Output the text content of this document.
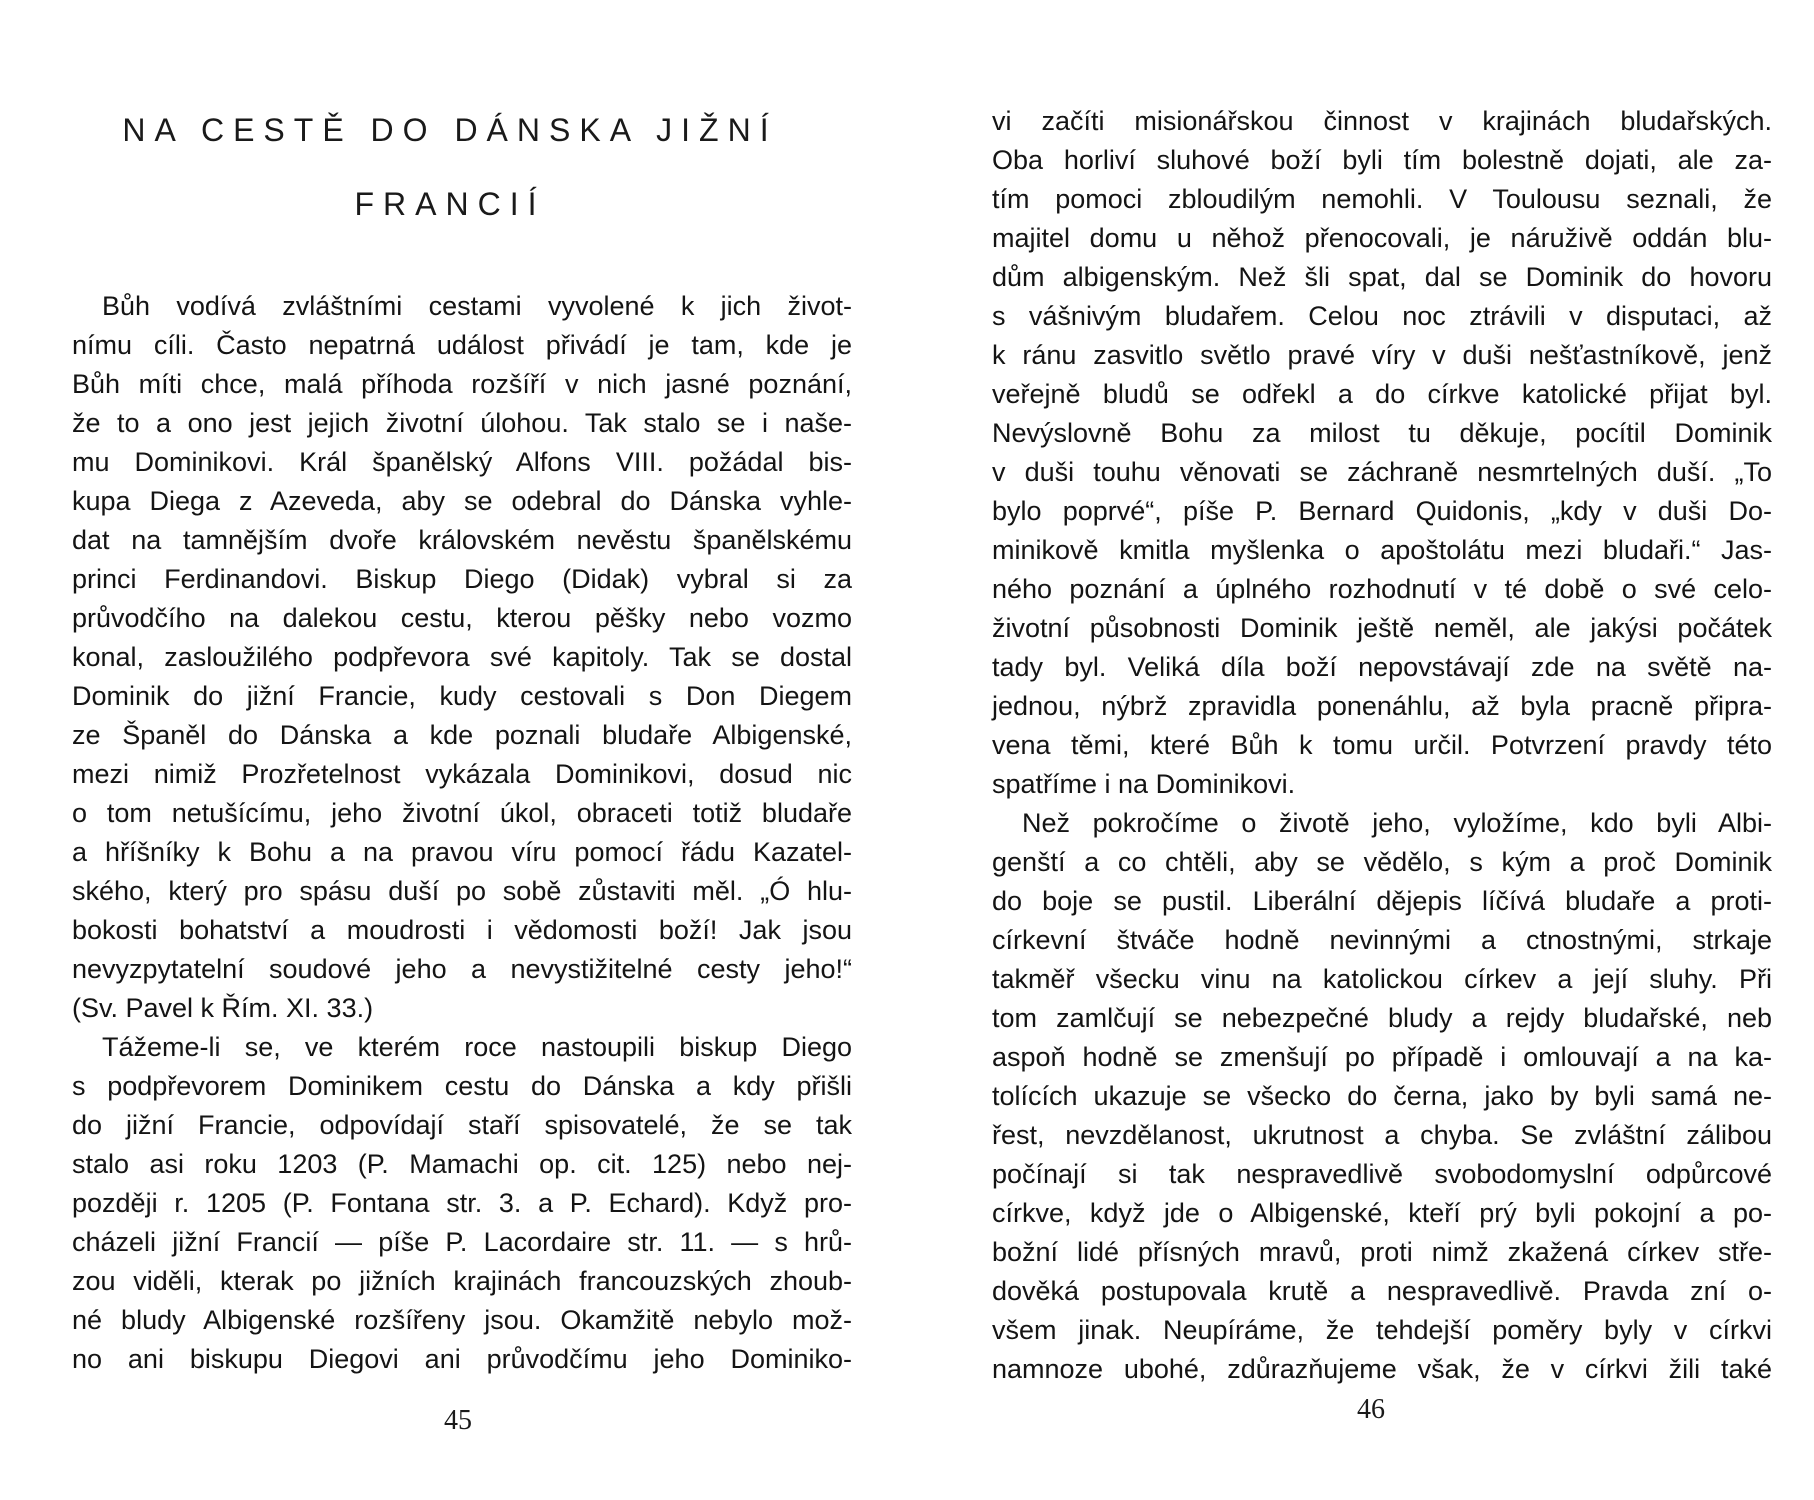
NA CESTĚ DO DÁNSKA JIŽNÍ
FRANCIÍ
Bůh vodívá zvláštními cestami vyvolené k jich život-
nímu cíli. Často nepatrná událost přivádí je tam, kde je
Bůh míti chce, malá příhoda rozšíří v nich jasné poznání,
že to a ono jest jejich životní úlohou. Tak stalo se i naše-
mu Dominikovi. Král španělský Alfons VIII. požádal bis-
kupa Diega z Azeveda, aby se odebral do Dánska vyhle-
dat na tamnějším dvoře královském nevěstu španělskému
princi Ferdinandovi. Biskup Diego (Didak) vybral si za
průvodčího na dalekou cestu, kterou pěšky nebo vozmo
konal, zasloužilého podpřevora své kapitoly. Tak se dostal
Dominik do jižní Francie, kudy cestovali s Don Diegem
ze Španěl do Dánska a kde poznali bludaře Albigenské,
mezi nimiž Prozřetelnost vykázala Dominikovi, dosud nic
o tom netušícímu, jeho životní úkol, obraceti totiž bludaře
a hříšníky k Bohu a na pravou víru pomocí řádu Kazatel-
ského, který pro spásu duší po sobě zůstaviti měl. „Ó hlu-
bokosti bohatství a moudrosti i vědomosti boží! Jak jsou
nevyzpytatelní soudové jeho a nevystižitelné cesty jeho!“
(Sv. Pavel k Řím. XI. 33.)
Tážeme-li se, ve kterém roce nastoupili biskup Diego
s podpřevorem Dominikem cestu do Dánska a kdy přišli
do jižní Francie, odpovídají staří spisovatelé, že se tak
stalo asi roku 1203 (P. Mamachi op. cit. 125) nebo nej-
později r. 1205 (P. Fontana str. 3. a P. Echard). Když pro-
cházeli jižní Francií — píše P. Lacordaire str. 11. — s hrů-
zou viděli, kterak po jižních krajinách francouzských zhoub-
né bludy Albigenské rozšířeny jsou. Okamžitě nebylo mož-
no ani biskupu Diegovi ani průvodčímu jeho Dominiko-
45
vi začíti misionářskou činnost v krajinách bludařských.
Oba horliví sluhové boží byli tím bolestně dojati, ale za-
tím pomoci zbloudilým nemohli. V Toulousu seznali, že
majitel domu u něhož přenocovali, je náruživě oddán blu-
dům albigenským. Než šli spat, dal se Dominik do hovoru
s vášnivým bludařem. Celou noc ztrávili v disputaci, až
k ránu zasvitlo světlo pravé víry v duši nešťastníkově, jenž
veřejně bludů se odřekl a do církve katolické přijat byl.
Nevýslovně Bohu za milost tu děkuje, pocítil Dominik
v duši touhu věnovati se záchraně nesmrtelných duší. „To
bylo poprvé“, píše P. Bernard Quidonis, „kdy v duši Do-
minikově kmitla myšlenka o apoštolátu mezi bludaři.“ Jas-
ného poznání a úplného rozhodnutí v té době o své celo-
životní působnosti Dominik ještě neměl, ale jakýsi počátek
tady byl. Veliká díla boží nepovstávají zde na světě na-
jednou, nýbrž zpravidla ponenáhlu, až byla pracně připra-
vena těmi, které Bůh k tomu určil. Potvrzení pravdy této
spatříme i na Dominikovi.
Než pokročíme o životě jeho, vyložíme, kdo byli Albi-
genští a co chtěli, aby se vědělo, s kým a proč Dominik
do boje se pustil. Liberální dějepis líčívá bludaře a proti-
církevní štváče hodně nevinnými a ctnostnými, strkaje
takměř všecku vinu na katolickou církev a její sluhy. Při
tom zamlčují se nebezpečné bludy a rejdy bludařské, neb
aspoň hodně se zmenšují po případě i omlouvají a na ka-
tolících ukazuje se všecko do černa, jako by byli samá ne-
řest, nevzdělanost, ukrutnost a chyba. Se zvláštní zálibou
počínají si tak nespravedlivě svobodomyslní odpůrcové
církve, když jde o Albigenské, kteří prý byli pokojní a po-
božní lidé přísných mravů, proti nimž zkažená církev stře-
dověká postupovala krutě a nespravedlivě. Pravda zní o-
všem jinak. Neupíráme, že tehdejší poměry byly v církvi
namnoze ubohé, zdůrazňujeme však, že v církvi žili také
46
